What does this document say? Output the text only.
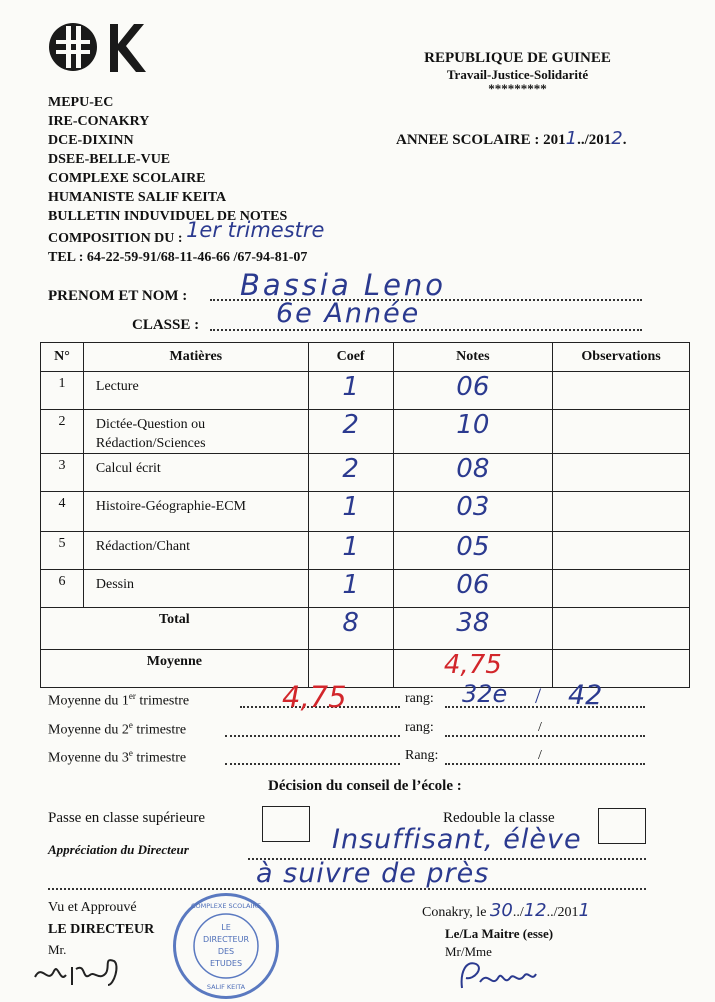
MEPU-EC
IRE-CONAKRY
DCE-DIXINN
DSEE-BELLE-VUE
COMPLEXE SCOLAIRE
HUMANISTE SALIF KEITA
BULLETIN INDUVIDUEL DE NOTES
COMPOSITION DU : 1er trimestre
TEL : 64-22-59-91/68-11-46-66 /67-94-81-07
REPUBLIQUE DE GUINEE
Travail-Justice-Solidarité
*********
ANNEE SCOLAIRE : 2011../2012.
PRENOM ET NOM : Bassia Leno
CLASSE :	6e Année
N°	Matières	Coef	Notes	Observations
1	Lecture	1	06	
2	Dictée-Question ou Rédaction/Sciences	2	10	
3	Calcul écrit	2	08	
4	Histoire-Géographie-ECM	1	03	
5	Rédaction/Chant	1	05	
6	Dessin	1	06	
Total		8	38	
Moyenne			4,75	
Moyenne du 1er trimestre	4,75	rang: 32e / 42
Moyenne du 2e trimestre	rang:	/
Moyenne du 3e trimestre	Rang:	/
Décision du conseil de l’école :
Passe en classe supérieure	Redouble la classe
Appréciation du Directeur	Insuffisant, élève
à suivre de près
Vu et Approuvé
LE DIRECTEUR
Mr.
Conakry, le 30../12../2011
Le/La Maitre (esse)
Mr/Mme
LE
DIRECTEUR
DES
ETUDES
COMPLEXE SCOLAIRE
SALIF KEITA
